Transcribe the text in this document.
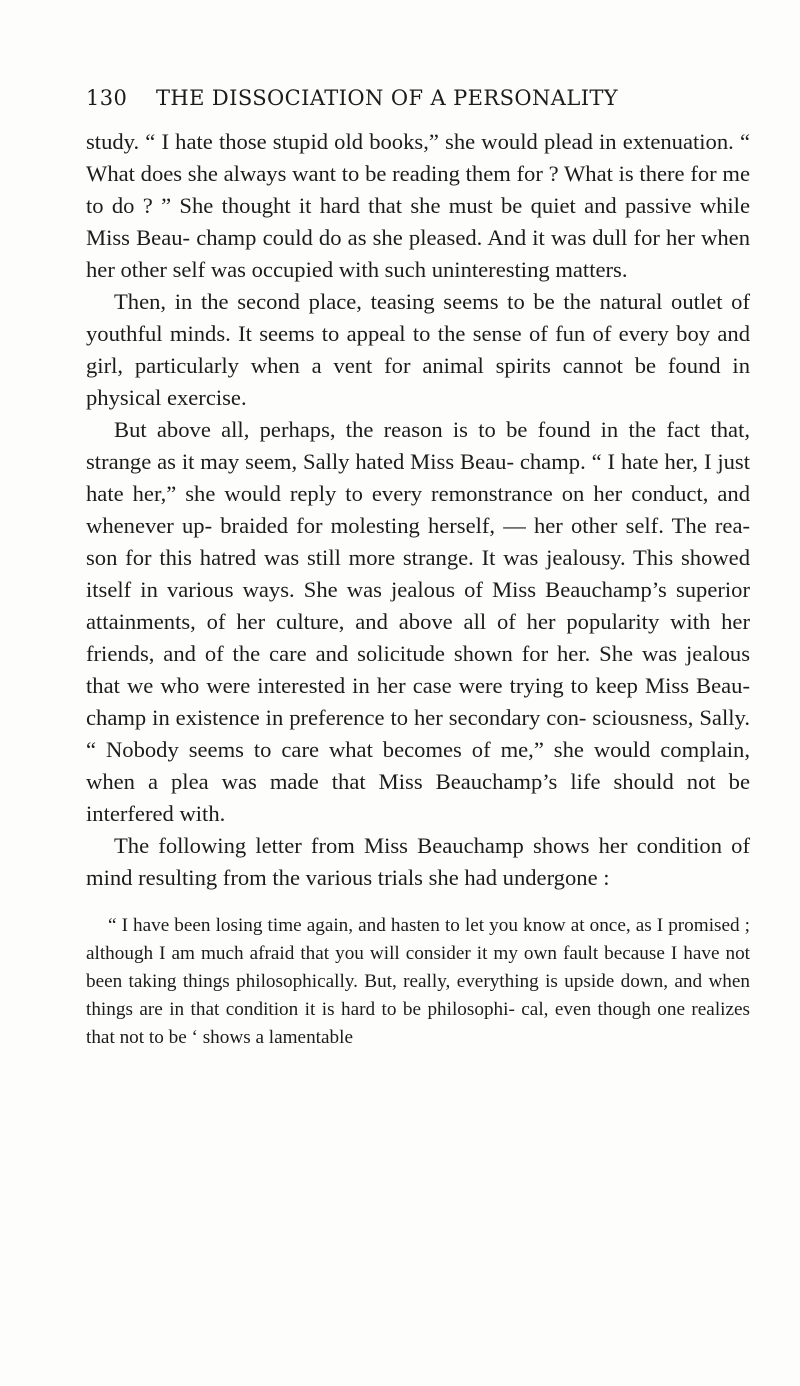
130	THE DISSOCIATION OF A PERSONALITY

study. “ I hate those stupid old books,” she would plead in extenuation. “ What does she always want to be reading them for ? What is there for me to do ? ” She thought it hard that she must be quiet and passive while Miss Beau- champ could do as she pleased. And it was dull for her when her other self was occupied with such uninteresting matters.

Then, in the second place, teasing seems to be the natural outlet of youthful minds. It seems to appeal to the sense of fun of every boy and girl, particularly when a vent for animal spirits cannot be found in physical exercise.

But above all, perhaps, the reason is to be found in the fact that, strange as it may seem, Sally hated Miss Beau- champ. “ I hate her, I just hate her,” she would reply to every remonstrance on her conduct, and whenever up- braided for molesting herself, — her other self. The rea- son for this hatred was still more strange. It was jealousy. This showed itself in various ways. She was jealous of Miss Beauchamp’s superior attainments, of her culture, and above all of her popularity with her friends, and of the care and solicitude shown for her. She was jealous that we who were interested in her case were trying to keep Miss Beau- champ in existence in preference to her secondary con- sciousness, Sally. “ Nobody seems to care what becomes of me,” she would complain, when a plea was made that Miss Beauchamp’s life should not be interfered with.

The following letter from Miss Beauchamp shows her condition of mind resulting from the various trials she had undergone :

“ I have been losing time again, and hasten to let you know at once, as I promised ; although I am much afraid that you will consider it my own fault because I have not been taking things philosophically. But, really, everything is upside down, and when things are in that condition it is hard to be philosophi- cal, even though one realizes that not to be ‘ shows a lamentable
